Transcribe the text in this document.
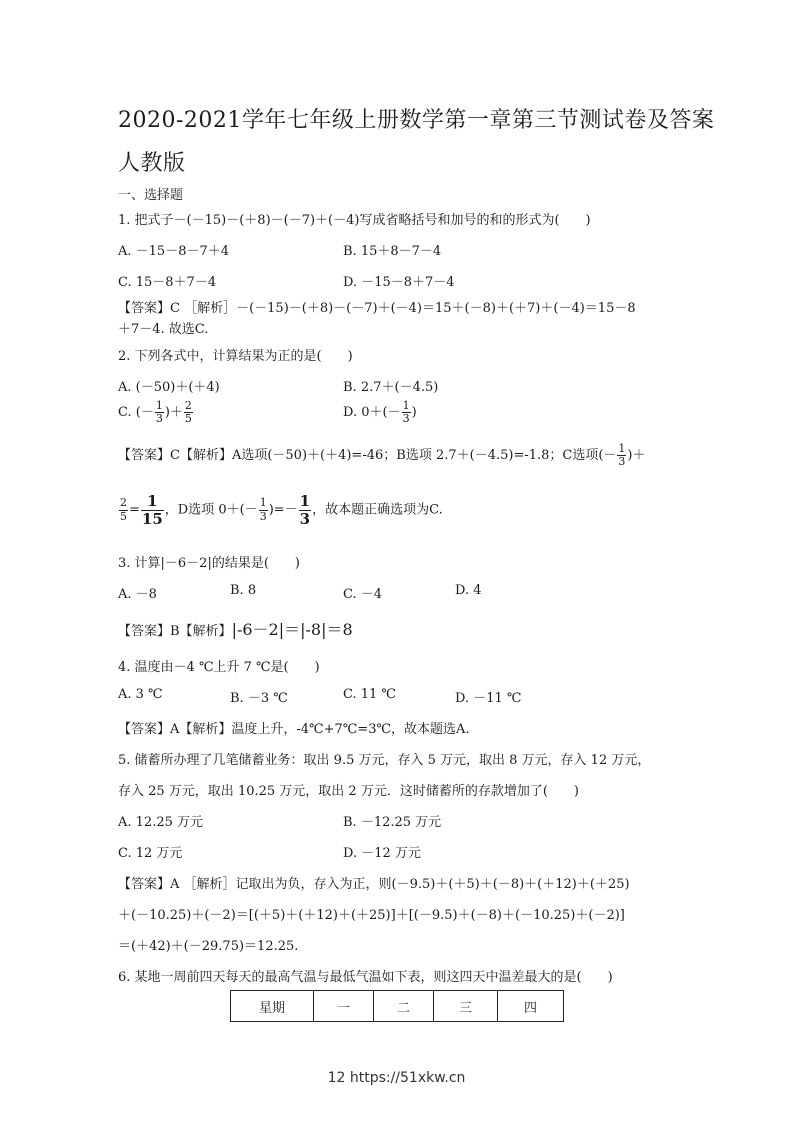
2020-2021学年七年级上册数学第一章第三节测试卷及答案
人教版
一、选择题
1. 把式子－(－15)－(＋8)－(－7)＋(－4)写成省略括号和加号的和的形式为(　　)
A. －15－8－7＋4	B. 15＋8－7－4
C. 15－8＋7－4	D. －15－8＋7－4
【答案】C ［解析］－(－15)－(＋8)－(－7)＋(－4)＝15＋(－8)＋(＋7)＋(－4)＝15－8
＋7－4. 故选C.
2. 下列各式中，计算结果为正的是(　　)
A. (－50)＋(＋4)	B. 2.7＋(－4.5)
C. (－ $\frac{1}{3}$ )＋ $\frac{2}{5}$	D. $0+(- \frac{1}{3}$ )
【答案】C【解析】A选项(－50)＋(＋4)=-46；B选项 2.7＋(－4.5)=-1.8；C选项(－ $\frac{1}{3}$ )＋
$\frac{2}{5} = \frac{1}{15}$ ，D选项 $0+(- \frac{1}{3}$ )=－ $\frac{1}{3}$ ，故本题正确选项为C.
3. 计算|－6－2|的结果是(　　)
A. －8	B. 8	C. －4	D. 4
【答案】B【解析】|-6－2|＝|-8|＝8
4. 温度由－4 ℃上升 7 ℃是(　　)
A. 3 ℃	B. －3 ℃	C. 11 ℃	D. －11 ℃
【答案】A【解析】温度上升，-4℃+7℃=3℃，故本题选A.
5. 储蓄所办理了几笔储蓄业务：取出 9.5 万元，存入 5 万元，取出 8 万元，存入 12 万元，
存入 25 万元，取出 10.25 万元，取出 2 万元．这时储蓄所的存款增加了(　　)
A. 12.25 万元	B. －12.25 万元
C. 12 万元	D. －12 万元
【答案】A ［解析］记取出为负，存入为正，则(－9.5)＋(＋5)＋(－8)＋(＋12)＋(＋25)
＋(－10.25)＋(－2)＝[(＋5)＋(＋12)＋(＋25)]＋[(－9.5)＋(－8)＋(－10.25)＋(－2)]
＝(＋42)＋(－29.75)＝12.25.
6. 某地一周前四天每天的最高气温与最低气温如下表，则这四天中温差最大的是(　　)
星期	一	二	三	四
12 https://51xkw.cn
